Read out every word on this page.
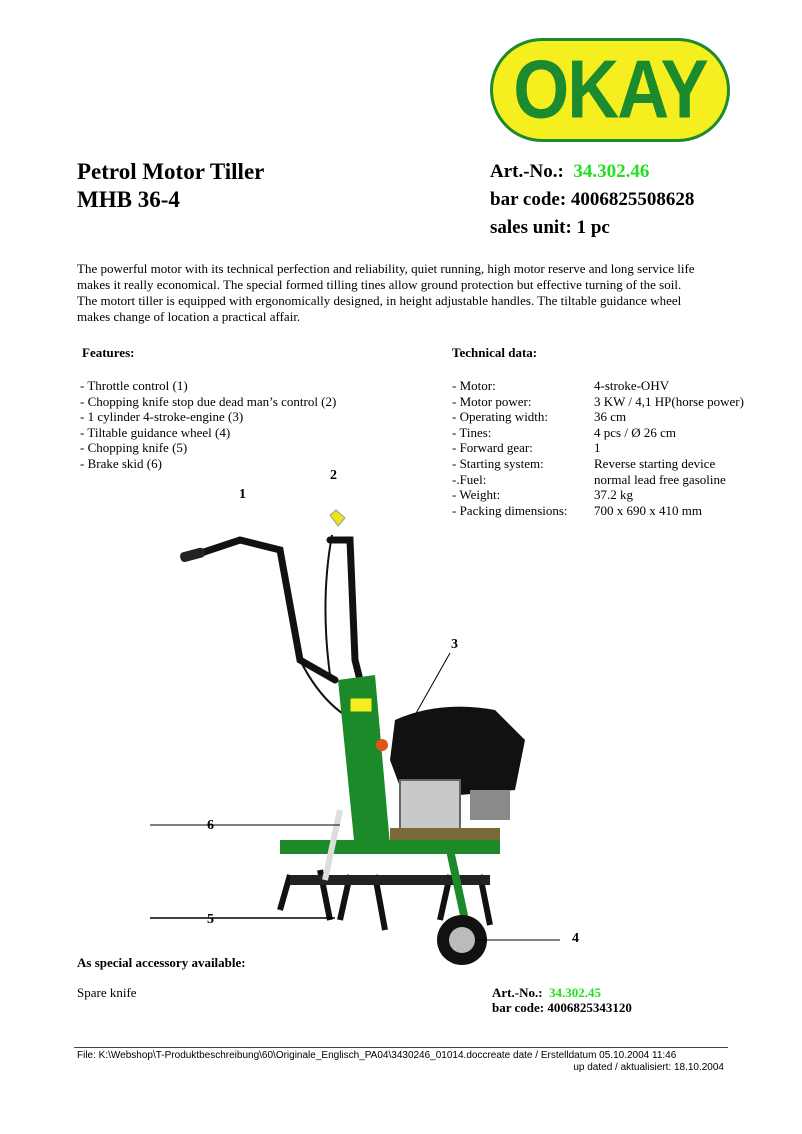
OKAY
Petrol Motor Tiller
MHB 36-4
Art.-No.: 34.302.46
bar code: 4006825508628
sales unit: 1 pc
The powerful motor with its technical perfection and reliability, quiet running, high motor reserve and long service life
makes it really economical. The special formed tilling tines allow ground protection but effective turning of the soil.
The motort tiller is equipped with ergonomically designed, in height adjustable handles. The tiltable guidance wheel
makes change of location a practical affair.
Features:
- Throttle control (1)
- Chopping knife stop due dead man’s control (2)
- 1 cylinder 4-stroke-engine (3)
- Tiltable guidance wheel (4)
- Chopping knife (5)
- Brake skid (6)
Technical data:
- Motor:	4-stroke-OHV
- Motor power:	3 KW / 4,1 HP(horse power)
- Operating width:	36 cm
- Tines:	4 pcs / Ø 26 cm
- Forward gear:	1
- Starting system:	Reverse starting device
-.Fuel:	normal lead free gasoline
- Weight:	37.2 kg
- Packing dimensions:	700 x 690 x 410 mm
1
2
3
4
5
6
As special accessory available:
Spare knife	Art.-No.: 34.302.45
bar code: 4006825343120
File: K:\Webshop\T-Produktbeschreibung\60\Originale_Englisch_PA04\3430246_01014.doccreate date / Erstelldatum 05.10.2004 11:46
up dated / aktualisiert: 18.10.2004
